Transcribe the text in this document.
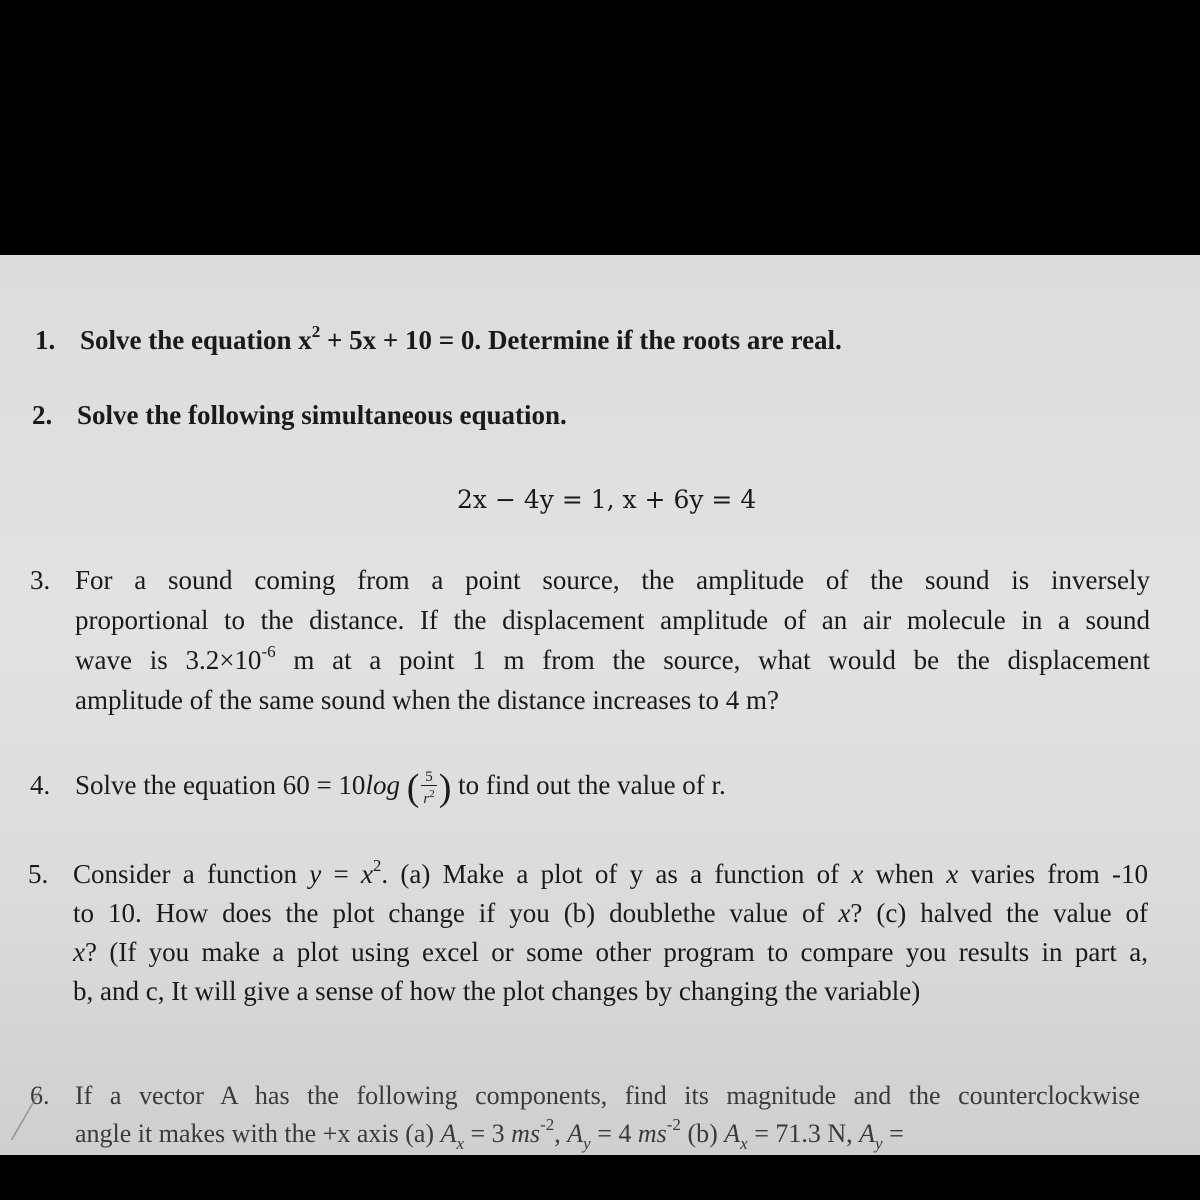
1. Solve the equation $x^2 + 5x + 10 = 0$. Determine if the roots are real.
2. Solve the following simultaneous equation.
2x − 4y = 1, x + 6y = 4
3. For a sound coming from a point source, the amplitude of the sound is inversely
proportional to the distance. If the displacement amplitude of an air molecule in a sound
wave is $3.2\times 10^{-6}$ m at a point 1 m from the source, what would be the displacement
amplitude of the same sound when the distance increases to 4 m?
4. Solve the equation 60 = 10log ( $\frac{5}{r^2}$ ) to find out the value of r.
5. Consider a function $y = x^2$. (a) Make a plot of y as a function of x when x varies from -10
to 10. How does the plot change if you (b) doublethe value of x? (c) halved the value of
x? (If you make a plot using excel or some other program to compare you results in part a,
b, and c, It will give a sense of how the plot changes by changing the variable)
6. If a vector A has the following components, find its magnitude and the counterclockwise
angle it makes with the +x axis (a) $A_x = 3$ $ms^{-2}$, $A_y = 4$ $ms^{-2}$ (b) $A_x = 71.3$ N, $A_y$ =
